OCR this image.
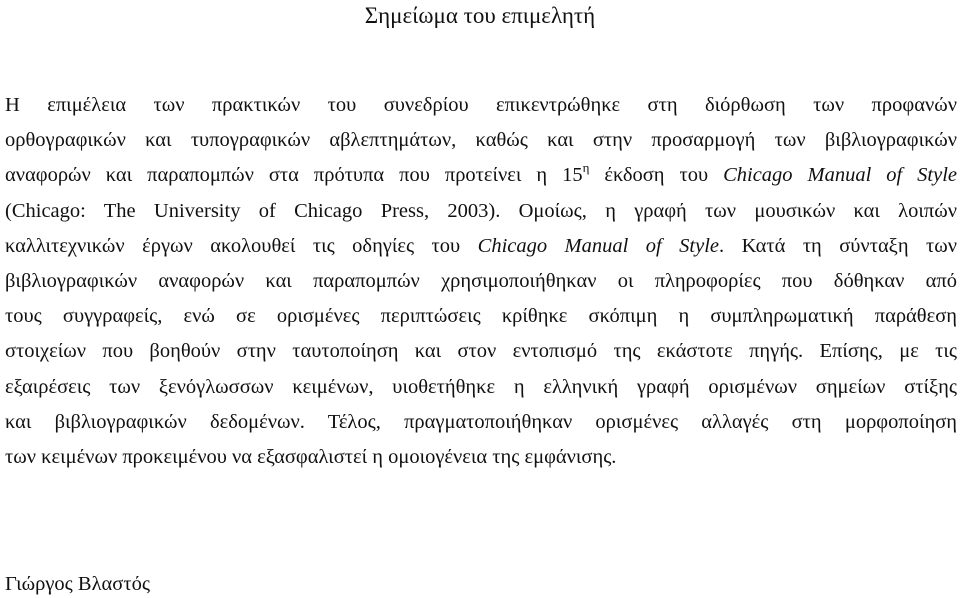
Σημείωμα του επιμελητή
Η επιμέλεια των πρακτικών του συνεδρίου επικεντρώθηκε στη διόρθωση των προφανών
ορθογραφικών και τυπογραφικών αβλεπτημάτων, καθώς και στην προσαρμογή των βιβλιογραφικών
αναφορών και παραπομπών στα πρότυπα που προτείνει η $15^\eta$ έκδοση του Chicago Manual of Style
(Chicago: The University of Chicago Press, 2003). Ομοίως, η γραφή των μουσικών και λοιπών
καλλιτεχνικών έργων ακολουθεί τις οδηγίες του Chicago Manual of Style. Κατά τη σύνταξη των
βιβλιογραφικών αναφορών και παραπομπών χρησιμοποιήθηκαν οι πληροφορίες που δόθηκαν από
τους συγγραφείς, ενώ σε ορισμένες περιπτώσεις κρίθηκε σκόπιμη η συμπληρωματική παράθεση
στοιχείων που βοηθούν στην ταυτοποίηση και στον εντοπισμό της εκάστοτε πηγής. Επίσης, με τις
εξαιρέσεις των ξενόγλωσσων κειμένων, υιοθετήθηκε η ελληνική γραφή ορισμένων σημείων στίξης
και βιβλιογραφικών δεδομένων. Τέλος, πραγματοποιήθηκαν ορισμένες αλλαγές στη μορφοποίηση
των κειμένων προκειμένου να εξασφαλιστεί η ομοιογένεια της εμφάνισης.
Γιώργος Βλαστός
